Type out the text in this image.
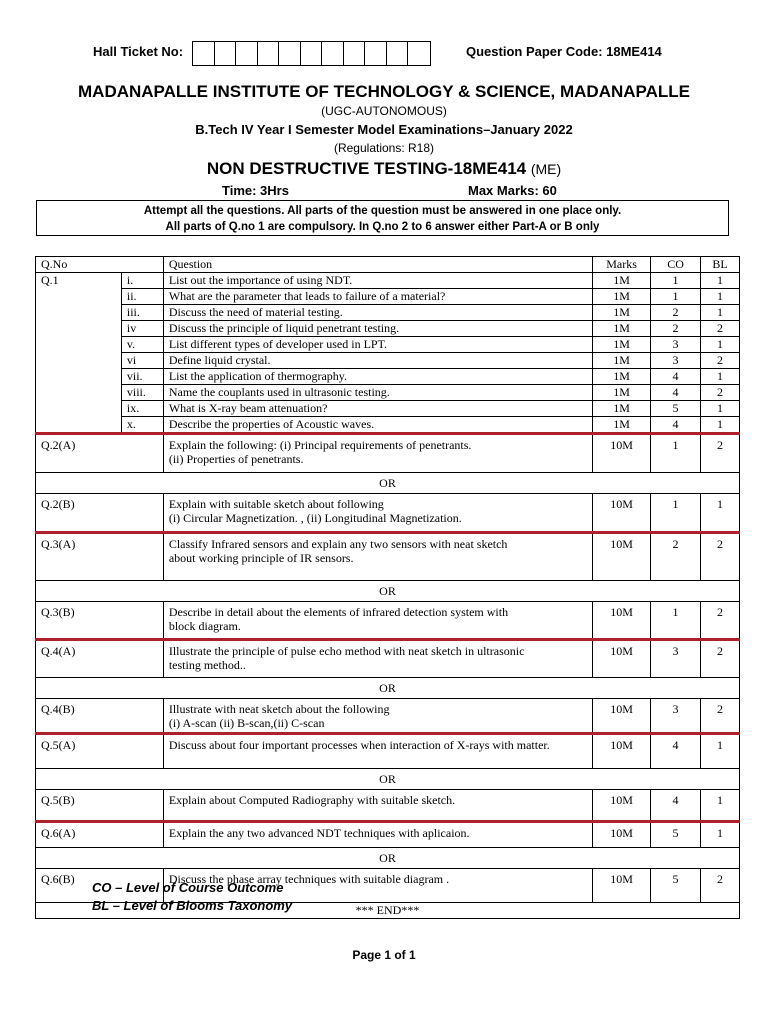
Hall Ticket No:	Question Paper Code: 18ME414
MADANAPALLE INSTITUTE OF TECHNOLOGY & SCIENCE, MADANAPALLE
(UGC-AUTONOMOUS)
B.Tech IV Year I Semester Model Examinations–January 2022
(Regulations: R18)
NON DESTRUCTIVE TESTING-18ME414 (ME)
Time: 3Hrs	Max Marks: 60
Attempt all the questions. All parts of the question must be answered in one place only.
All parts of Q.no 1 are compulsory. In Q.no 2 to 6 answer either Part-A or B only
Q.No		Question	Marks	CO	BL
Q.1	i.	List out the importance of using NDT.	1M	1	1
	ii.	What are the parameter that leads to failure of a material?	1M	1	1
	iii.	Discuss the need of material testing.	1M	2	1
	iv	Discuss the principle of liquid penetrant testing.	1M	2	2
	v.	List different types of developer used in LPT.	1M	3	1
	vi	Define liquid crystal.	1M	3	2
	vii.	List the application of thermography.	1M	4	1
	viii.	Name the couplants used in ultrasonic testing.	1M	4	2
	ix.	What is X-ray beam attenuation?	1M	5	1
	x.	Describe the properties of Acoustic waves.	1M	4	1
Q.2(A)		Explain the following: (i) Principal requirements of penetrants.
(ii) Properties of penetrants.	10M	1	2
OR					
Q.2(B)		Explain with suitable sketch about following
(i) Circular Magnetization. , (ii) Longitudinal Magnetization.	10M	1	1
Q.3(A)		Classify Infrared sensors and explain any two sensors with neat sketch
about working principle of IR sensors.	10M	2	2
OR					
Q.3(B)		Describe in detail about the elements of infrared detection system with
block diagram.	10M	1	2
Q.4(A)		Illustrate the principle of pulse echo method with neat sketch in ultrasonic
testing method..	10M	3	2
OR					
Q.4(B)		Illustrate with neat sketch about the following
(i) A-scan (ii) B-scan,(ii) C-scan	10M	3	2
Q.5(A)		Discuss about four important processes when interaction of X-rays with matter.	10M	4	1
OR					
Q.5(B)		Explain about Computed Radiography with suitable sketch.	10M	4	1
Q.6(A)		Explain the any two advanced NDT techniques with aplicaion.	10M	5	1
OR					
Q.6(B)		Discuss the phase array techniques with suitable diagram .	10M	5	2
*** END***					
CO – Level of Course Outcome
BL – Level of Blooms Taxonomy
Page 1 of 1
